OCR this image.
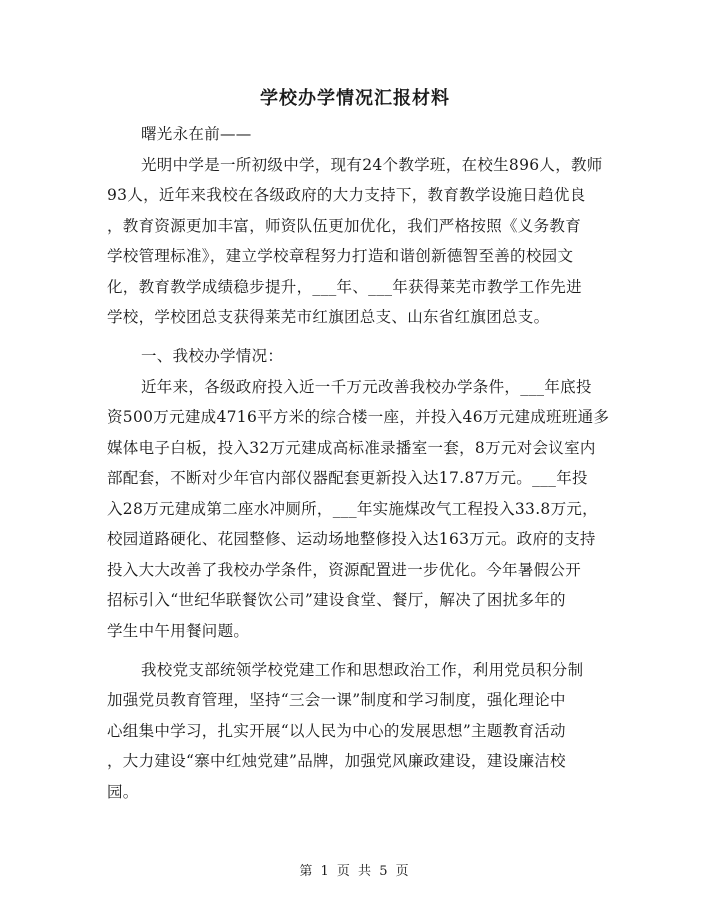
学校办学情况汇报材料
曙光永在前——
光明中学是一所初级中学，现有24个教学班，在校生896人，教师
93人，近年来我校在各级政府的大力支持下，教育教学设施日趋优良
，教育资源更加丰富，师资队伍更加优化，我们严格按照《义务教育
学校管理标准》，建立学校章程努力打造和谐创新德智至善的校园文
化，教育教学成绩稳步提升，___年、___年获得莱芜市教学工作先进
学校，学校团总支获得莱芜市红旗团总支、山东省红旗团总支。
一、我校办学情况：
近年来，各级政府投入近一千万元改善我校办学条件，___年底投
资500万元建成4716平方米的综合楼一座，并投入46万元建成班班通多
媒体电子白板，投入32万元建成高标准录播室一套，8万元对会议室内
部配套，不断对少年官内部仪器配套更新投入达17.87万元。___年投
入28万元建成第二座水冲厕所，___年实施煤改气工程投入33.8万元，
校园道路硬化、花园整修、运动场地整修投入达163万元。政府的支持
投入大大改善了我校办学条件，资源配置进一步优化。今年暑假公开
招标引入“世纪华联餐饮公司”建设食堂、餐厅，解决了困扰多年的
学生中午用餐问题。
我校党支部统领学校党建工作和思想政治工作，利用党员积分制
加强党员教育管理，坚持“三会一课”制度和学习制度，强化理论中
心组集中学习，扎实开展“以人民为中心的发展思想”主题教育活动
，大力建设“寨中红烛党建”品牌，加强党风廉政建设，建设廉洁校
园。
第 1 页 共 5 页
